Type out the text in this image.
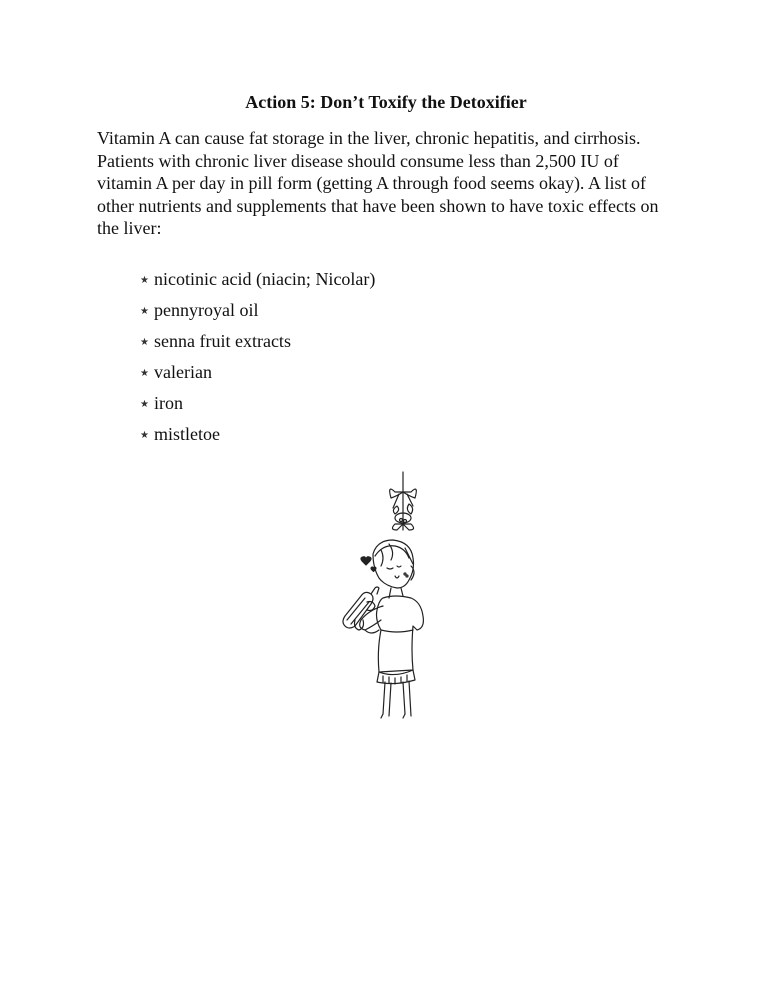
Action 5: Don’t Toxify the Detoxifier

Vitamin A can cause fat storage in the liver, chronic hepatitis, and cirrhosis. Patients with chronic liver disease should consume less than 2,500 IU of vitamin A per day in pill form (getting A through food seems okay). A list of other nutrients and supplements that have been shown to have toxic effects on the liver:

★ nicotinic acid (niacin; Nicolar)
★ pennyroyal oil
★ senna fruit extracts
★ valerian
★ iron
★ mistletoe
